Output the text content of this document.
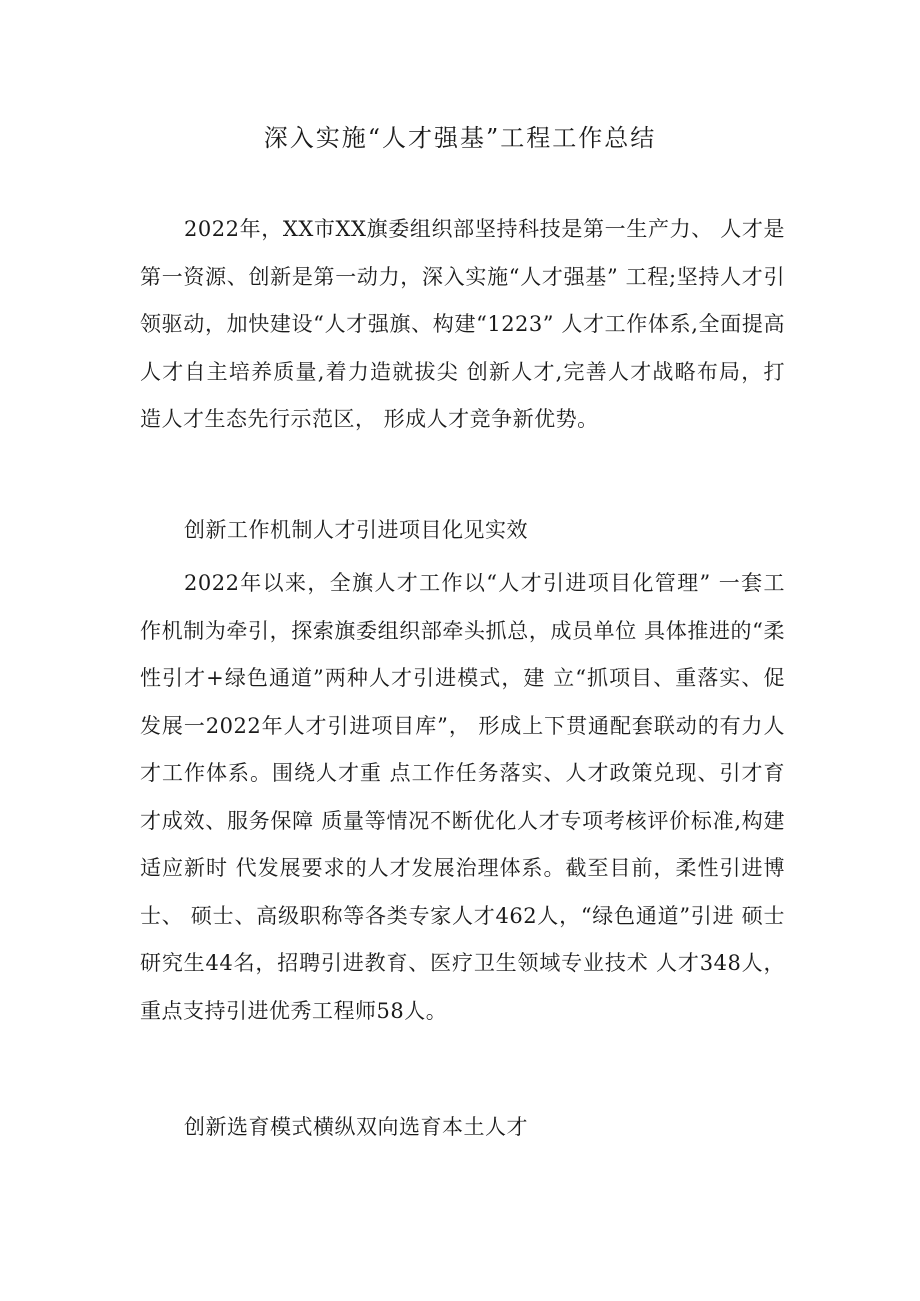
深入实施“人才强基”工程工作总结

2022年，XX市XX旗委组织部坚持科技是第一生产力、 人才是第一资源、创新是第一动力，深入实施“人才强基” 工程;坚持人才引领驱动，加快建设“人才强旗、构建“1223” 人才工作体系,全面提高人才自主培养质量,着力造就拔尖 创新人才,完善人才战略布局，打造人才生态先行示范区， 形成人才竞争新优势。

创新工作机制人才引进项目化见实效

2022年以来，全旗人才工作以“人才引进项目化管理” 一套工作机制为牵引，探索旗委组织部牵头抓总，成员单位 具体推进的“柔性引才+绿色通道”两种人才引进模式，建 立“抓项目、重落实、促发展一2022年人才引进项目库”， 形成上下贯通配套联动的有力人才工作体系。围绕人才重 点工作任务落实、人才政策兑现、引才育才成效、服务保障 质量等情况不断优化人才专项考核评价标准,构建适应新时 代发展要求的人才发展治理体系。截至目前，柔性引进博士、 硕士、高级职称等各类专家人才462人，“绿色通道”引进 硕士研究生44名，招聘引进教育、医疗卫生领域专业技术 人才348人，重点支持引进优秀工程师58人。

创新选育模式横纵双向选育本土人才
